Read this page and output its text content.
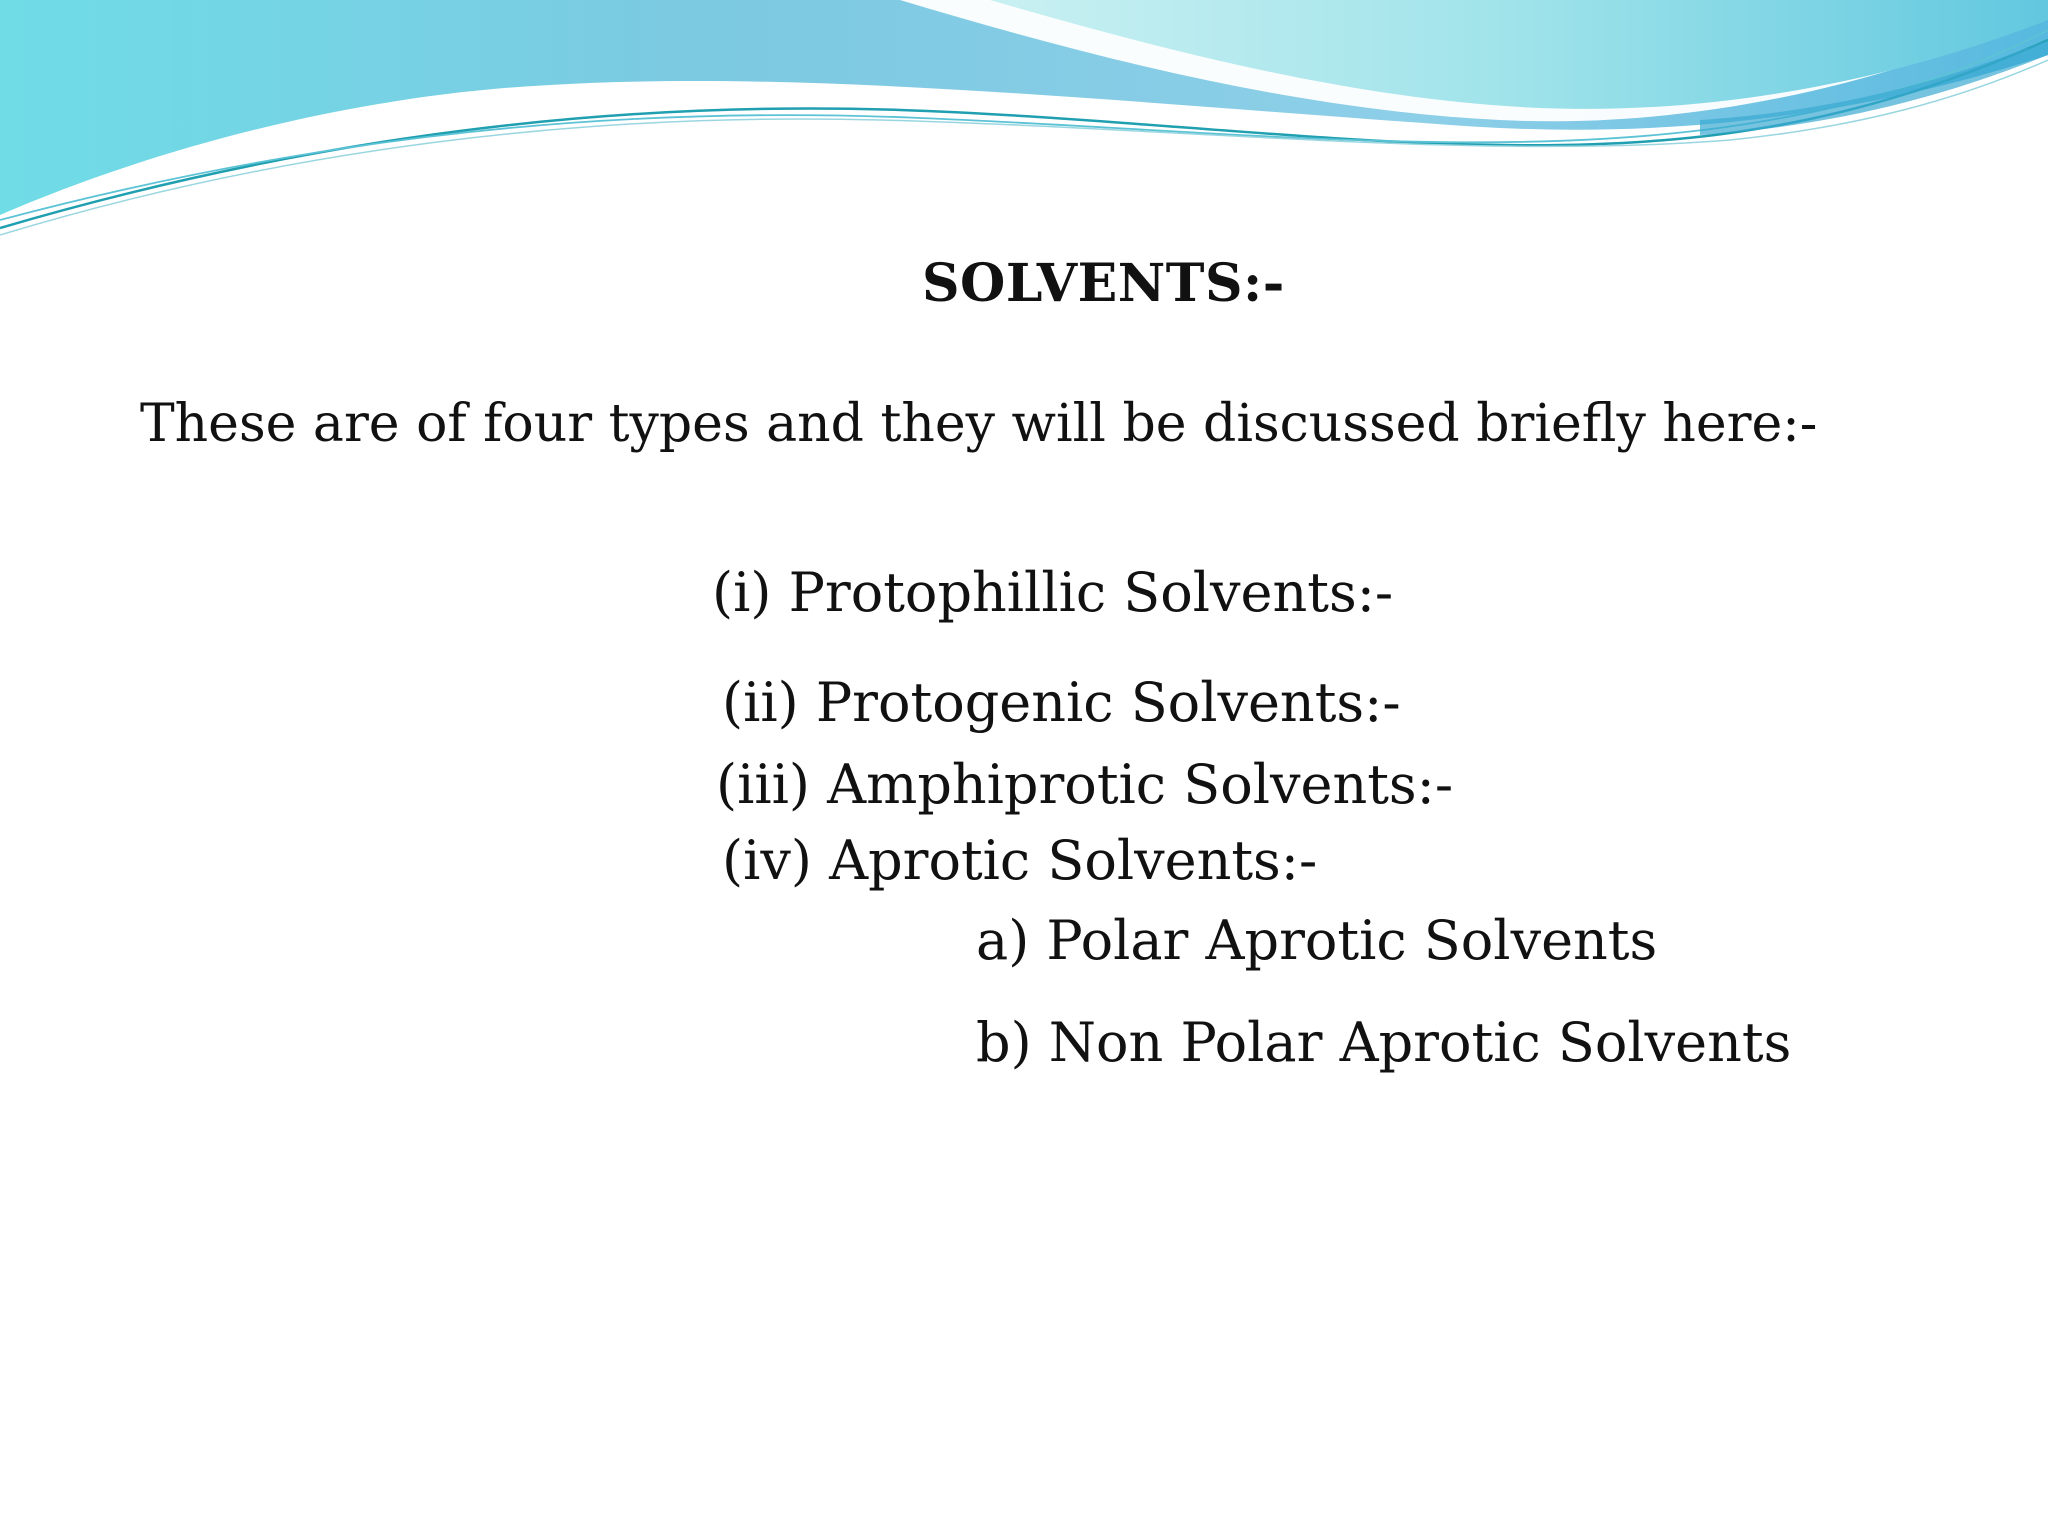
SOLVENTS:-

These are of four types and they will be discussed briefly here:-

(i) Protophillic Solvents:-

(ii) Protogenic Solvents:-

(iii) Amphiprotic Solvents:-

(iv) Aprotic Solvents:-

a) Polar Aprotic Solvents

b) Non Polar Aprotic Solvents
